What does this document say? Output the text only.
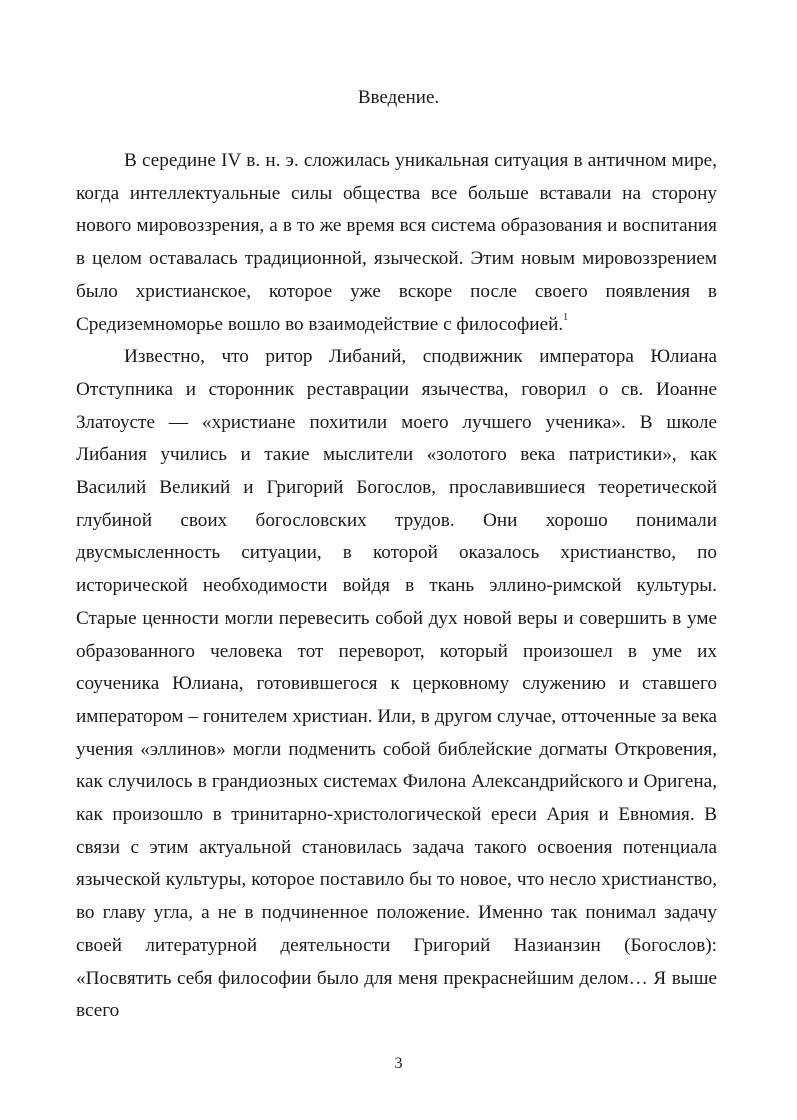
Введение.

В середине IV в. н. э. сложилась уникальная ситуация в античном мире, когда интеллектуальные силы общества все больше вставали на сторону нового мировоззрения, а в то же время вся система образования и воспитания в целом оставалась традиционной, языческой. Этим новым мировоззрением было христианское, которое уже вскоре после своего появления в Средиземноморье вошло во взаимодействие с философией.$^1$

Известно, что ритор Либаний, сподвижник императора Юлиана Отступника и сторонник реставрации язычества, говорил о св. Иоанне Златоусте — «христиане похитили моего лучшего ученика». В школе Либания учились и такие мыслители «золотого века патристики», как Василий Великий и Григорий Богослов, прославившиеся теоретической глубиной своих богословских трудов. Они хорошо понимали двусмысленность ситуации, в которой оказалось христианство, по исторической необходимости войдя в ткань эллино-римской культуры. Старые ценности могли перевесить собой дух новой веры и совершить в уме образованного человека тот переворот, который произошел в уме их соученика Юлиана, готовившегося к церковному служению и ставшего императором – гонителем христиан. Или, в другом случае, отточенные за века учения «эллинов» могли подменить собой библейские догматы Откровения, как случилось в грандиозных системах Филона Александрийского и Оригена, как произошло в тринитарно-христологической ереси Ария и Евномия. В связи с этим актуальной становилась задача такого освоения потенциала языческой культуры, которое поставило бы то новое, что несло христианство, во главу угла, а не в подчиненное положение. Именно так понимал задачу своей литературной деятельности Григорий Назианзин (Богослов): «Посвятить себя философии было для меня прекраснейшим делом… Я выше всего

3
